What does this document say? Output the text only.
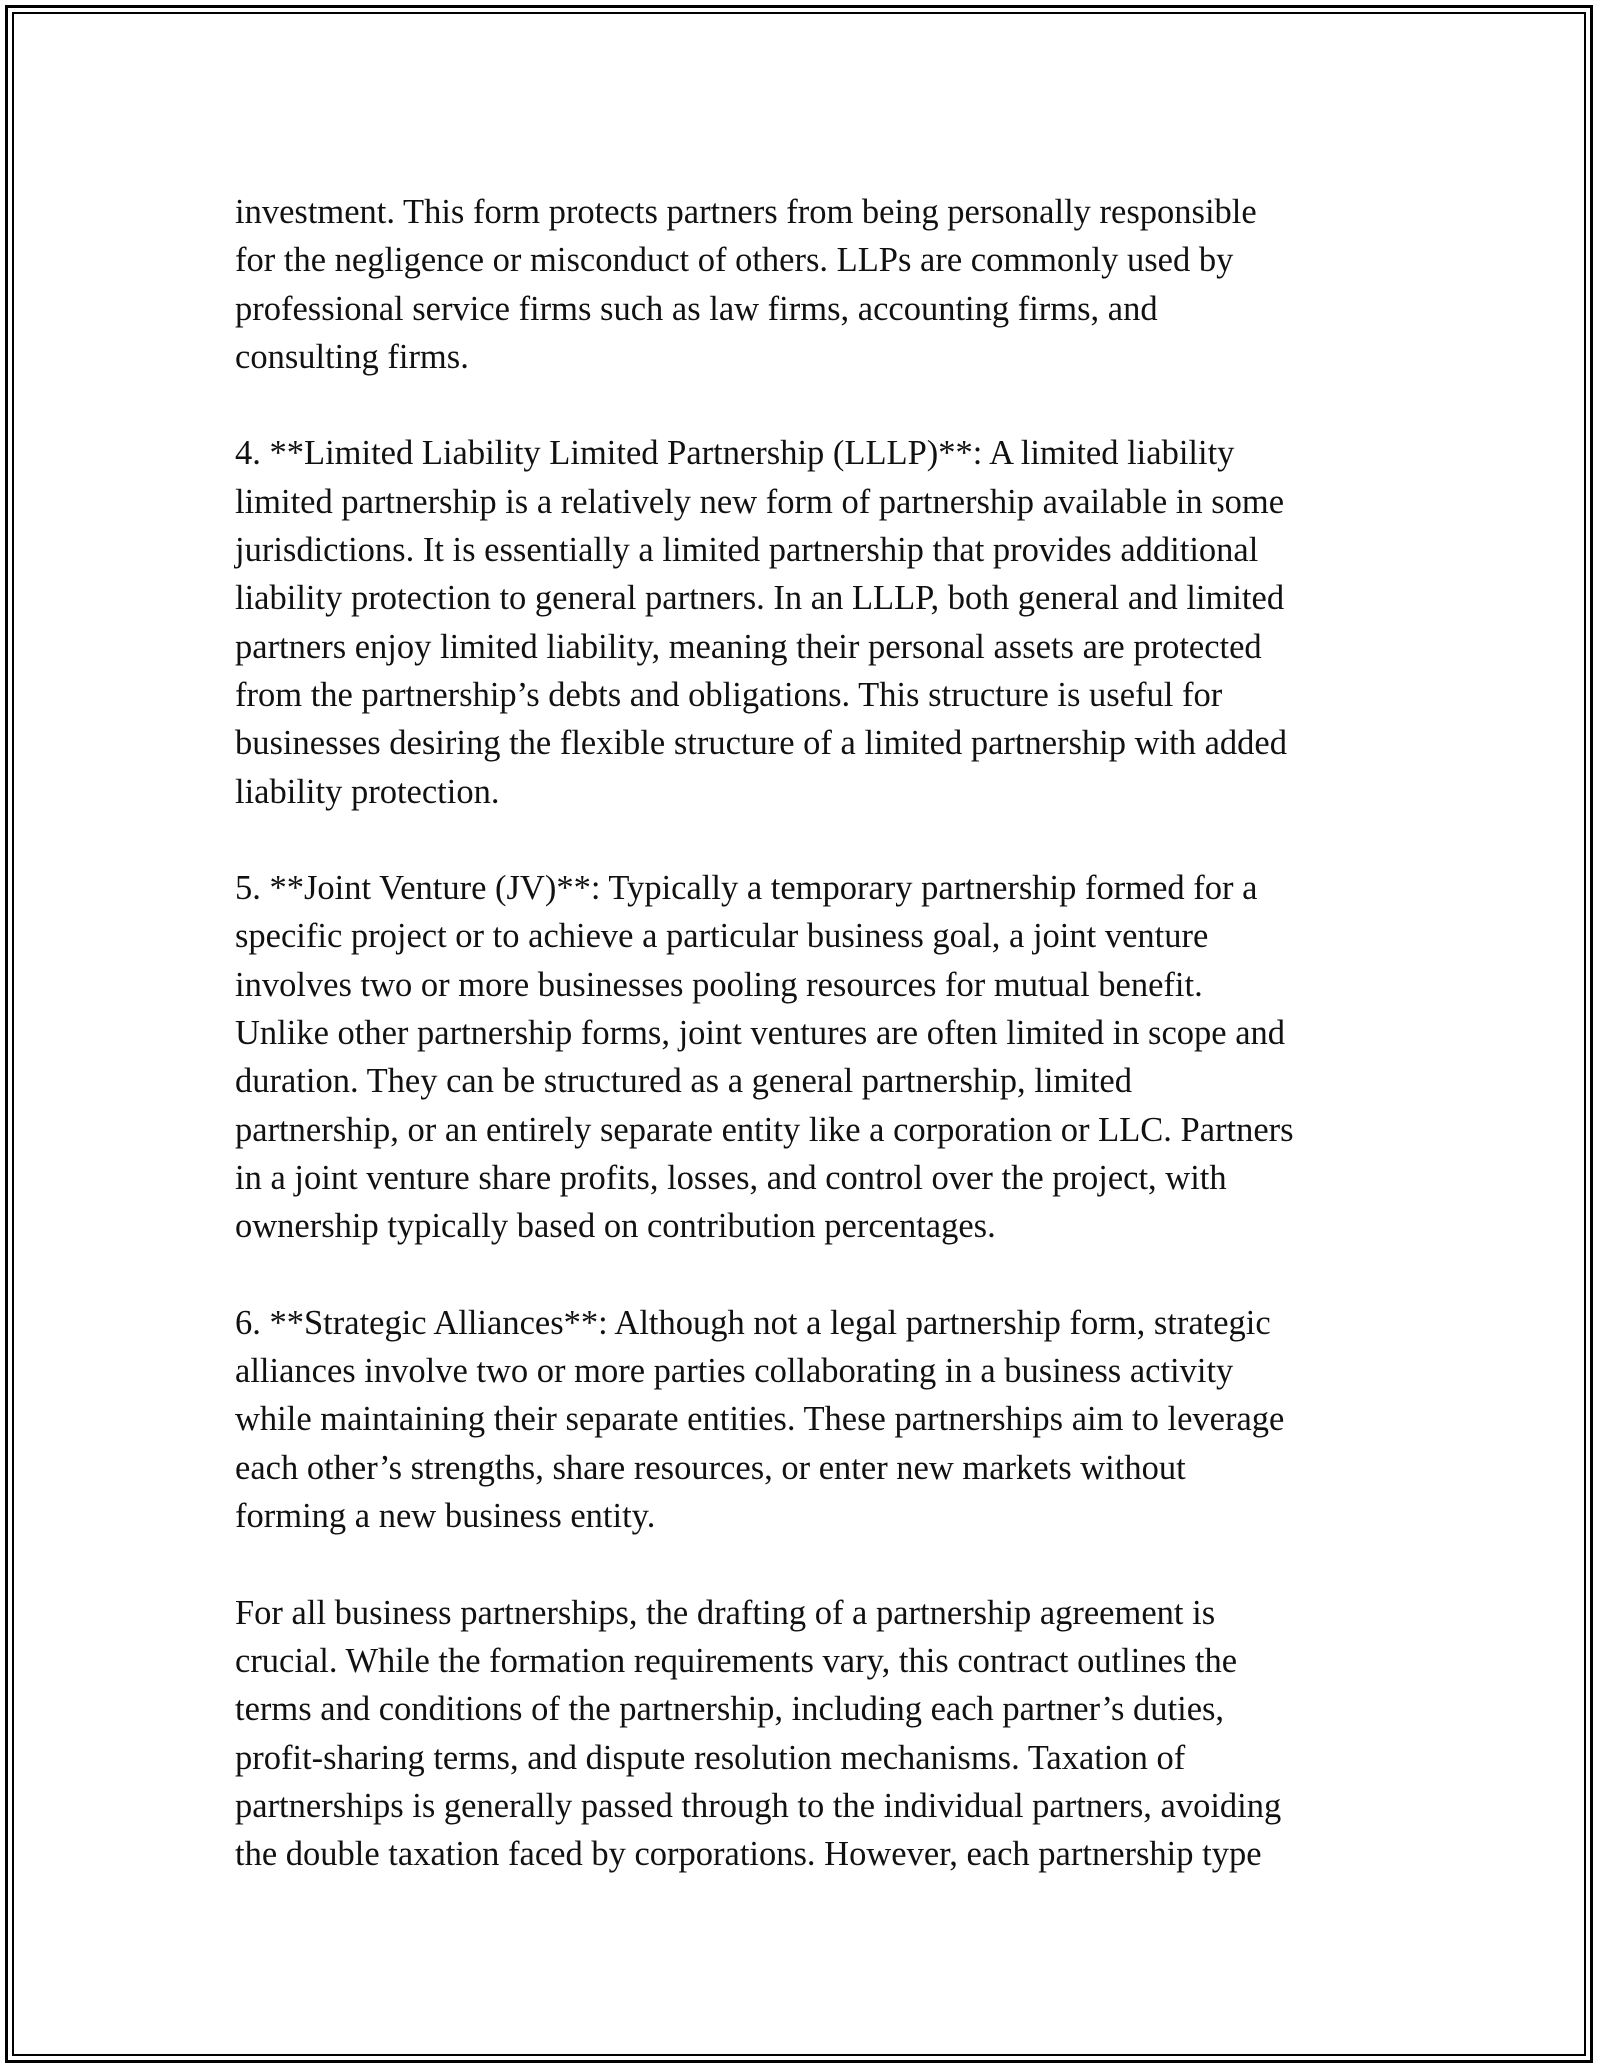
investment. This form protects partners from being personally responsible
for the negligence or misconduct of others. LLPs are commonly used by
professional service firms such as law firms, accounting firms, and
consulting firms.

4. **Limited Liability Limited Partnership (LLLP)**: A limited liability
limited partnership is a relatively new form of partnership available in some
jurisdictions. It is essentially a limited partnership that provides additional
liability protection to general partners. In an LLLP, both general and limited
partners enjoy limited liability, meaning their personal assets are protected
from the partnership’s debts and obligations. This structure is useful for
businesses desiring the flexible structure of a limited partnership with added
liability protection.

5. **Joint Venture (JV)**: Typically a temporary partnership formed for a
specific project or to achieve a particular business goal, a joint venture
involves two or more businesses pooling resources for mutual benefit.
Unlike other partnership forms, joint ventures are often limited in scope and
duration. They can be structured as a general partnership, limited
partnership, or an entirely separate entity like a corporation or LLC. Partners
in a joint venture share profits, losses, and control over the project, with
ownership typically based on contribution percentages.

6. **Strategic Alliances**: Although not a legal partnership form, strategic
alliances involve two or more parties collaborating in a business activity
while maintaining their separate entities. These partnerships aim to leverage
each other’s strengths, share resources, or enter new markets without
forming a new business entity.

For all business partnerships, the drafting of a partnership agreement is
crucial. While the formation requirements vary, this contract outlines the
terms and conditions of the partnership, including each partner’s duties,
profit-sharing terms, and dispute resolution mechanisms. Taxation of
partnerships is generally passed through to the individual partners, avoiding
the double taxation faced by corporations. However, each partnership type
